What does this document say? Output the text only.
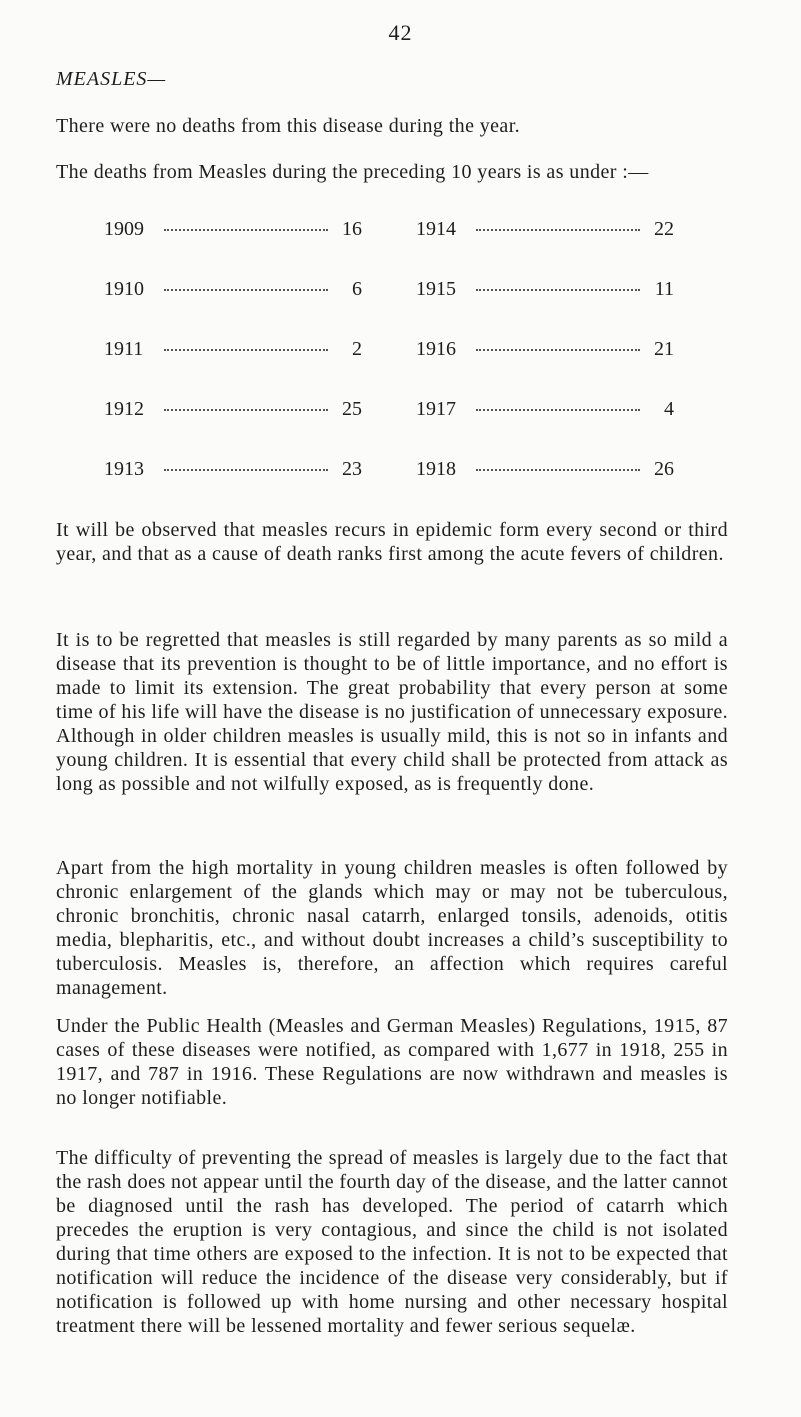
42
MEASLES—
There were no deaths from this disease during the year.
The deaths from Measles during the preceding 10 years is as under :—
1909	16	1914	22
1910	6	1915	11
1911	2	1916	21
1912	25	1917	4
1913	23	1918	26
It will be observed that measles recurs in epidemic form every second or third year, and that as a cause of death ranks first among the acute fevers of children.
It is to be regretted that measles is still regarded by many parents as so mild a disease that its prevention is thought to be of little importance, and no effort is made to limit its extension. The great probability that every person at some time of his life will have the disease is no justification of unnecessary exposure. Although in older children measles is usually mild, this is not so in infants and young children. It is essential that every child shall be protected from attack as long as possible and not wilfully exposed, as is frequently done.
Apart from the high mortality in young children measles is often followed by chronic enlargement of the glands which may or may not be tuberculous, chronic bronchitis, chronic nasal catarrh, enlarged tonsils, adenoids, otitis media, blepharitis, etc., and without doubt increases a child’s susceptibility to tuberculosis. Measles is, therefore, an affection which requires careful management.
Under the Public Health (Measles and German Measles) Regulations, 1915, 87 cases of these diseases were notified, as compared with 1,677 in 1918, 255 in 1917, and 787 in 1916. These Regulations are now withdrawn and measles is no longer notifiable.
The difficulty of preventing the spread of measles is largely due to the fact that the rash does not appear until the fourth day of the disease, and the latter cannot be diagnosed until the rash has developed. The period of catarrh which precedes the eruption is very contagious, and since the child is not isolated during that time others are exposed to the infection. It is not to be expected that notification will reduce the incidence of the disease very considerably, but if notification is followed up with home nursing and other necessary hospital treatment there will be lessened mortality and fewer serious sequelæ.
